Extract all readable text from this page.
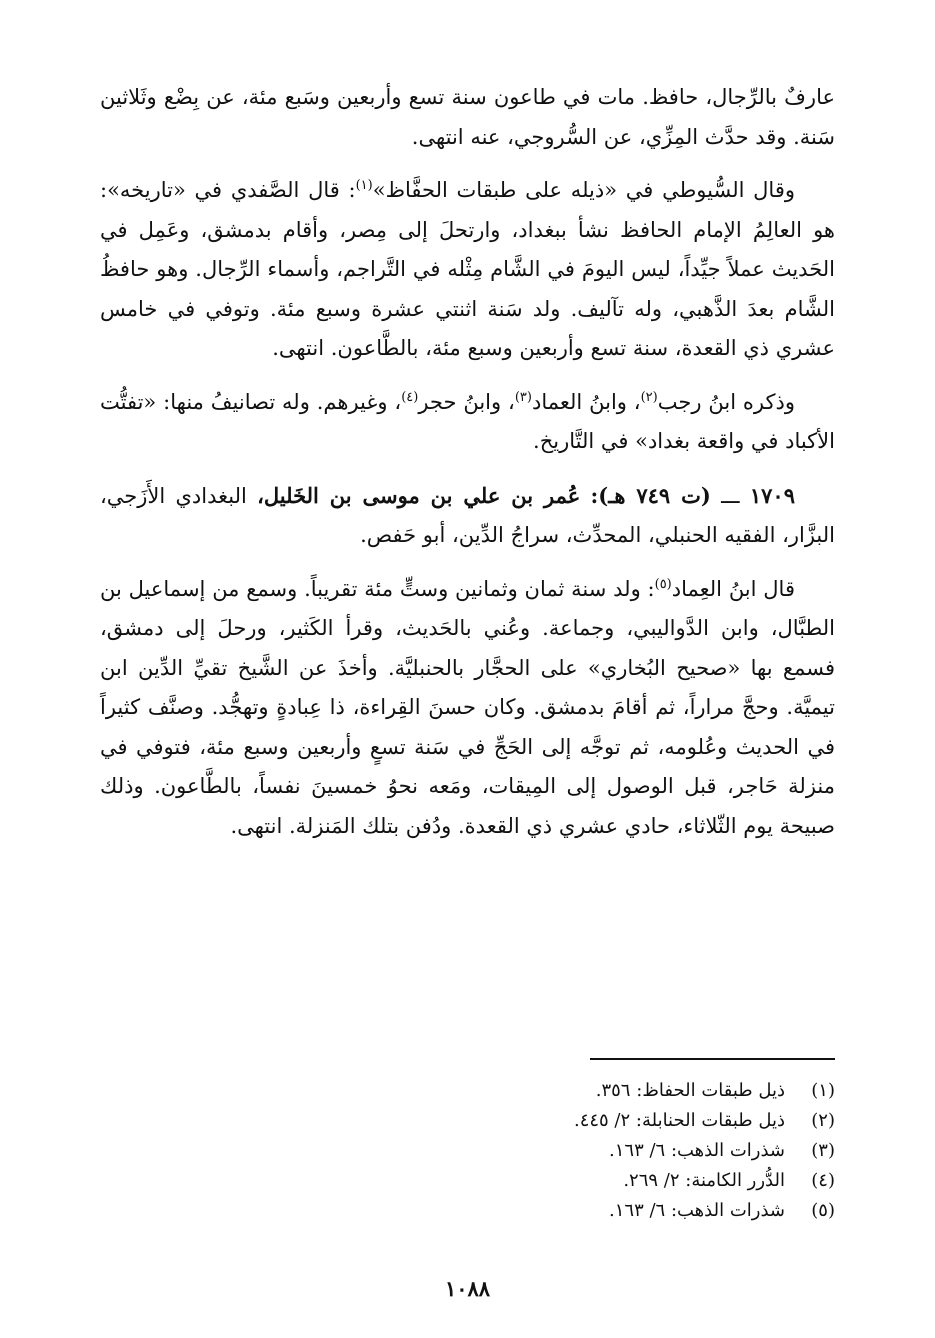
عارفٌ بالرِّجال، حافظ. مات في طاعون سنة تسع وأربعين وسَبع مئة، عن بِضْع وثَلاثين سَنة. وقد حدَّث المِزِّي، عن السُّروجي، عنه انتهى.

وقال السُّيوطي في «ذيله على طبقات الحفَّاظ»$^{(١)}$: قال الصَّفدي في «تاريخه»: هو العالِمُ الإمام الحافظ نشأ ببغداد، وارتحلَ إلى مِصر، وأقام بدمشق، وعَمِل في الحَديث عملاً جيِّداً، ليس اليومَ في الشَّام مِثْله في التَّراجم، وأسماء الرِّجال. وهو حافظُ الشَّام بعدَ الذَّهبي، وله تآليف. ولد سَنة اثنتي عشرة وسبع مئة. وتوفي في خامس عشري ذي القعدة، سنة تسع وأربعين وسبع مئة، بالطَّاعون. انتهى.

وذكره ابنُ رجب$^{(٢)}$، وابنُ العماد$^{(٣)}$، وابنُ حجر$^{(٤)}$، وغيرهم. وله تصانيفُ منها: «تفتُّت الأكباد في واقعة بغداد» في التَّاريخ.

١٧٠٩ ـــ (ت ٧٤٩ هـ): عُمر بن علي بن موسى بن الخَليل، البغدادي الأَزَجي، البزَّار، الفقيه الحنبلي، المحدِّث، سراجُ الدِّين، أبو حَفص.

قال ابنُ العِماد$^{(٥)}$: ولد سنة ثمان وثمانين وستٍّ مئة تقريباً. وسمع من إسماعيل بن الطبَّال، وابن الدَّواليبي، وجماعة. وعُني بالحَديث، وقرأ الكَثير، ورحلَ إلى دمشق، فسمع بها «صحيح البُخاري» على الحجَّار بالحنبليَّة. وأخذَ عن الشَّيخ تقيِّ الدِّين ابن تيميَّة. وحجَّ مراراً، ثم أقامَ بدمشق. وكان حسنَ القِراءة، ذا عِبادةٍ وتهجُّد. وصنَّف كثيراً في الحديث وعُلومه، ثم توجَّه إلى الحَجِّ في سَنة تسعٍ وأربعين وسبع مئة، فتوفي في منزلة حَاجر، قبل الوصول إلى المِيقات، ومَعه نحوُ خمسينَ نفساً، بالطَّاعون. وذلك صبيحة يوم الثّلاثاء، حادي عشري ذي القعدة. ودُفن بتلك المَنزلة. انتهى.

(١)
ذيل طبقات الحفاظ: ٣٥٦.
(٢)
ذيل طبقات الحنابلة: ٢/ ٤٤٥.
(٣)
شذرات الذهب: ٦/ ١٦٣.
(٤)
الدُّرر الكامنة: ٢/ ٢٦٩.
(٥)
شذرات الذهب: ٦/ ١٦٣.
١٠٨٨
